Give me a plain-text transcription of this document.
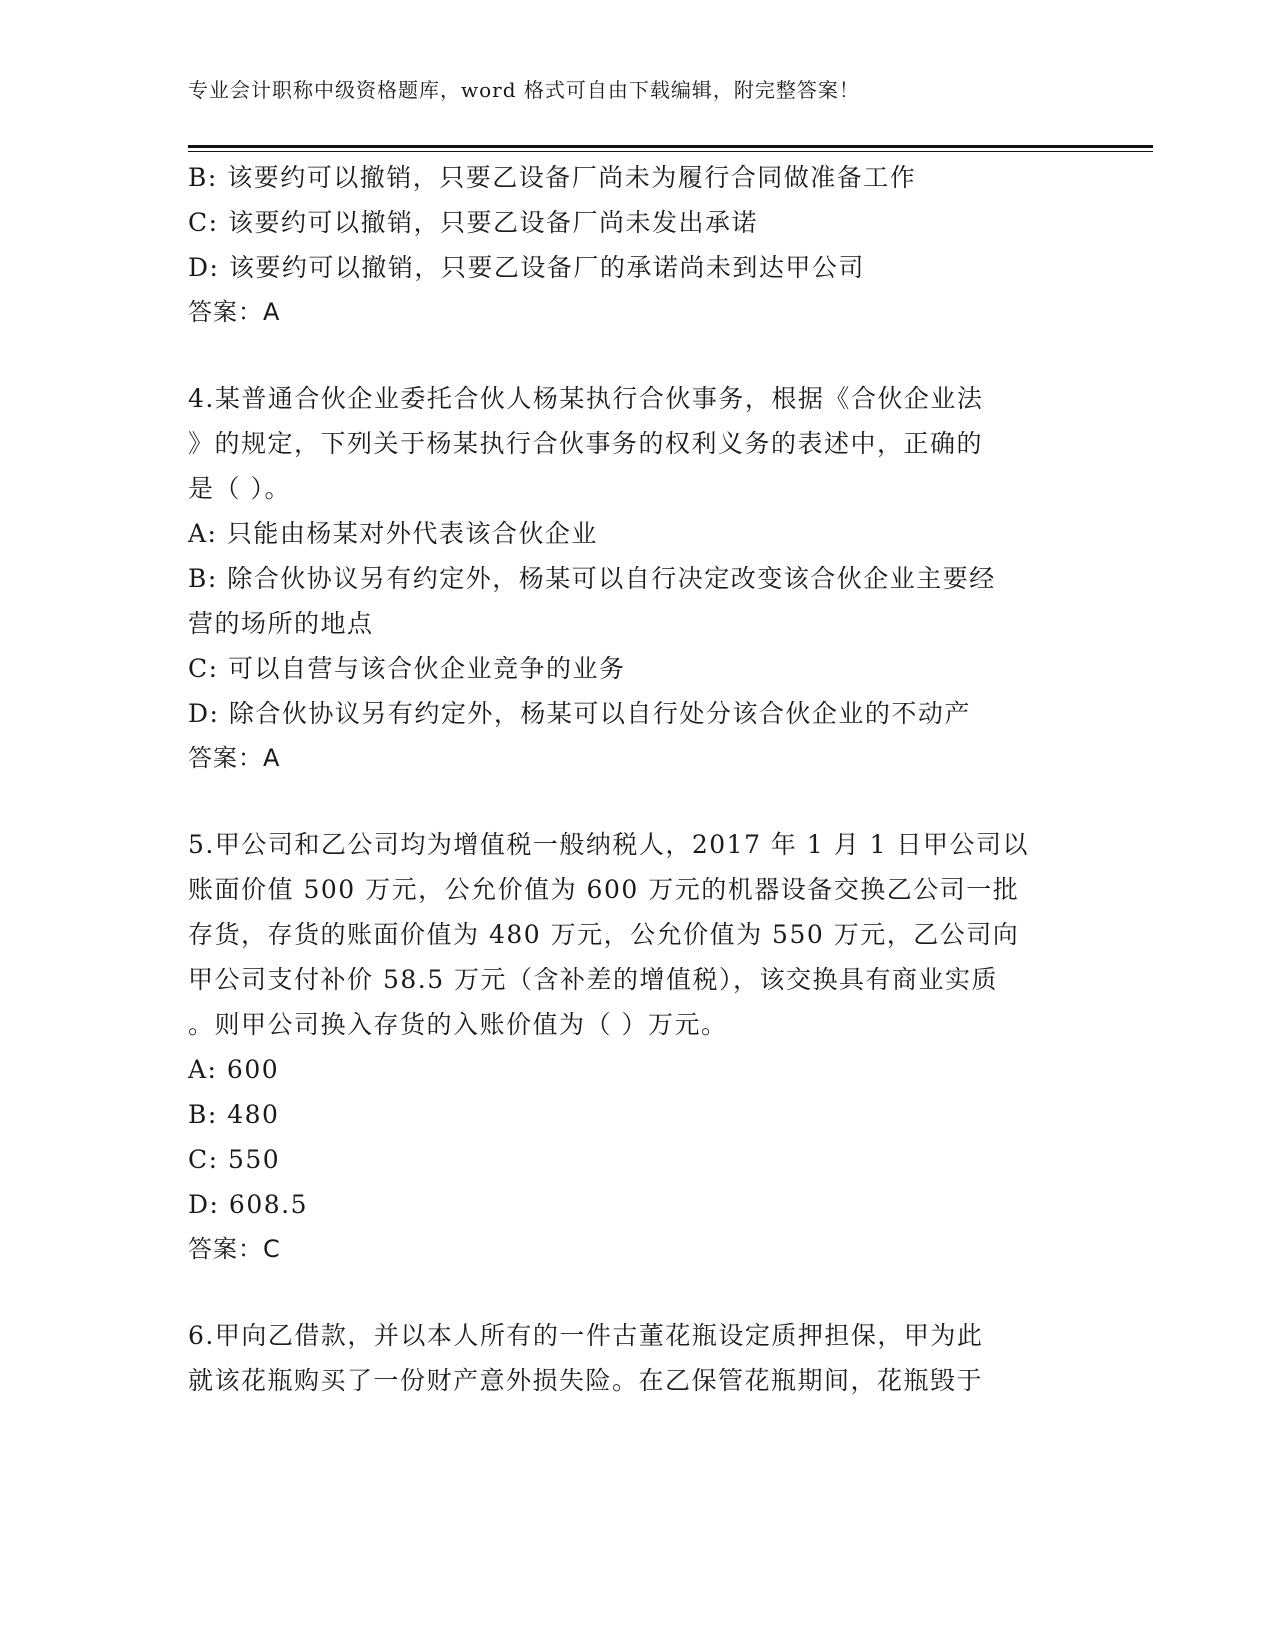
专业会计职称中级资格题库，word 格式可自由下载编辑，附完整答案！
B: 该要约可以撤销，只要乙设备厂尚未为履行合同做准备工作
C: 该要约可以撤销，只要乙设备厂尚未发出承诺
D: 该要约可以撤销，只要乙设备厂的承诺尚未到达甲公司
答案：A
4.某普通合伙企业委托合伙人杨某执行合伙事务，根据《合伙企业法
》的规定，下列关于杨某执行合伙事务的权利义务的表述中，正确的
是（ ）。
A: 只能由杨某对外代表该合伙企业
B: 除合伙协议另有约定外，杨某可以自行决定改变该合伙企业主要经
营的场所的地点
C: 可以自营与该合伙企业竞争的业务
D: 除合伙协议另有约定外，杨某可以自行处分该合伙企业的不动产
答案：A
5.甲公司和乙公司均为增值税一般纳税人，2017 年 1 月 1 日甲公司以
账面价值 500 万元，公允价值为 600 万元的机器设备交换乙公司一批
存货，存货的账面价值为 480 万元，公允价值为 550 万元，乙公司向
甲公司支付补价 58.5 万元（含补差的增值税），该交换具有商业实质
。则甲公司换入存货的入账价值为（ ）万元。
A: 600
B: 480
C: 550
D: 608.5
答案：C
6.甲向乙借款，并以本人所有的一件古董花瓶设定质押担保，甲为此
就该花瓶购买了一份财产意外损失险。在乙保管花瓶期间，花瓶毁于
